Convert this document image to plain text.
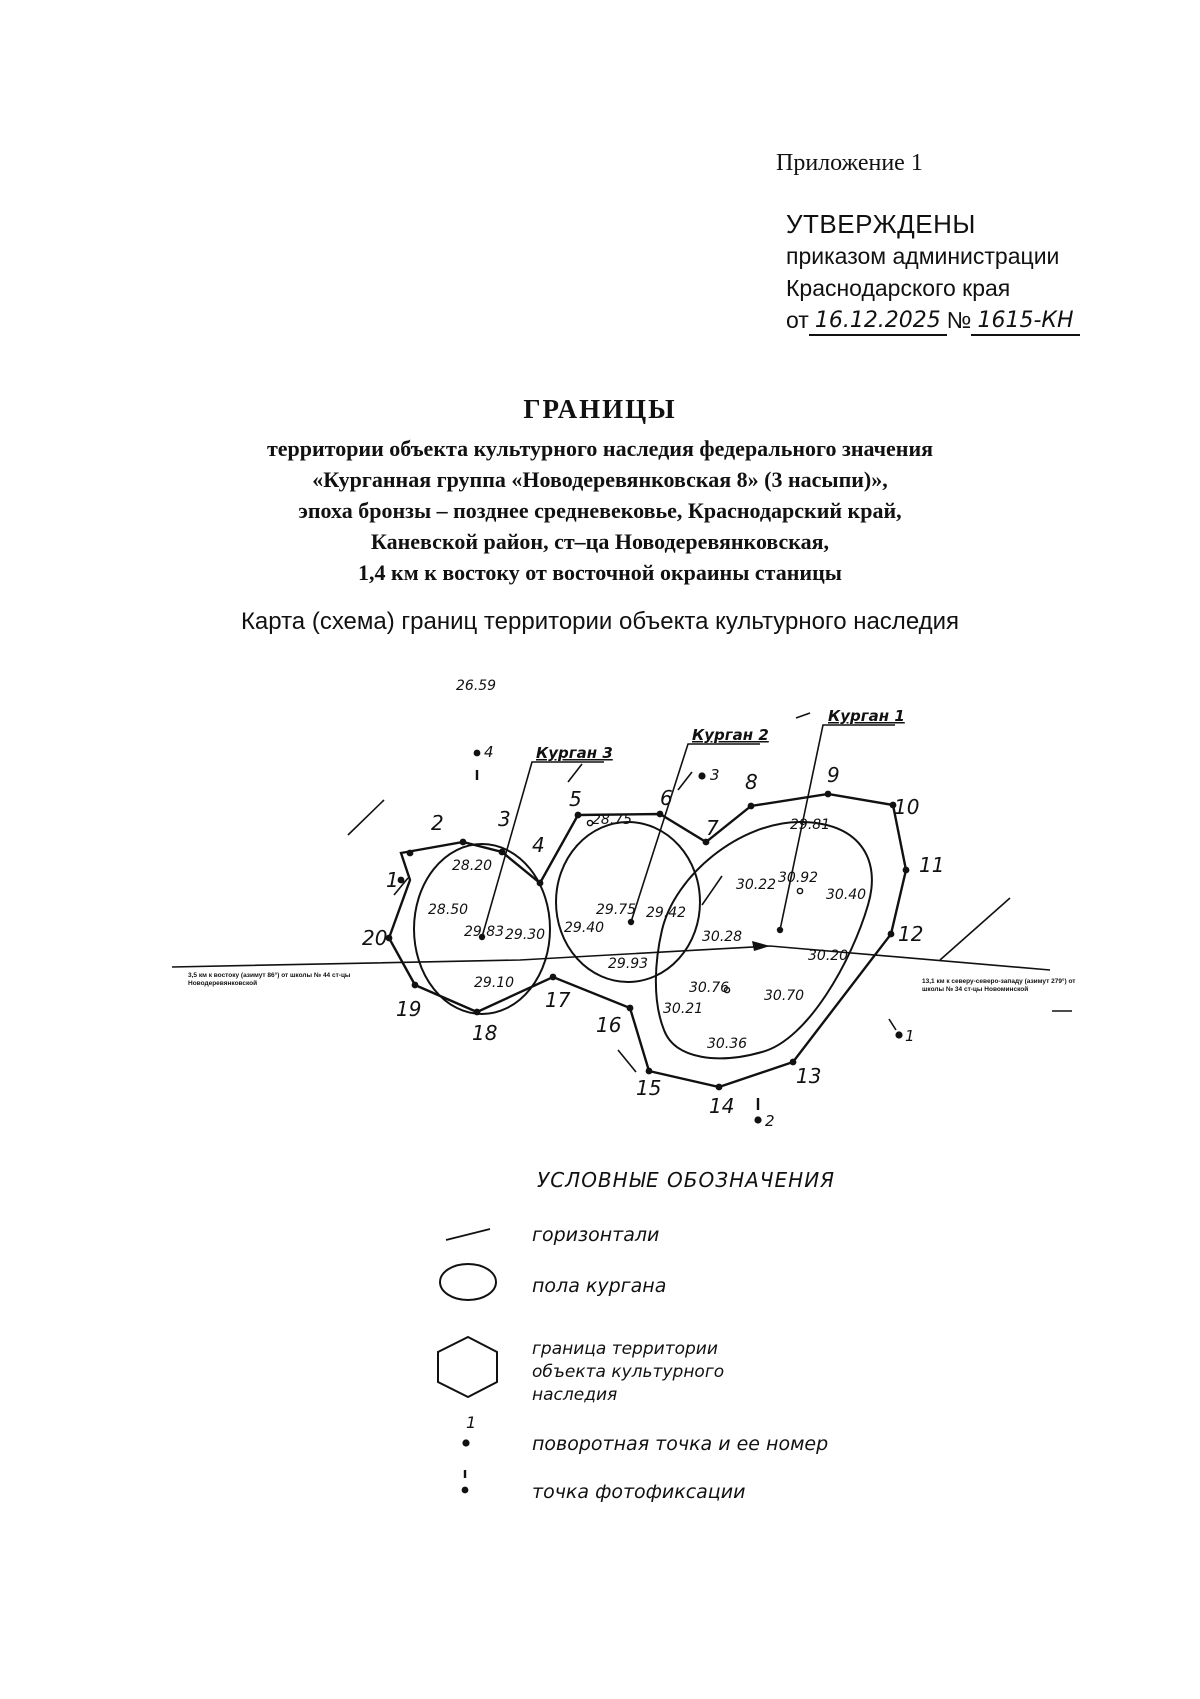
Приложение 1
УТВЕРЖДЕНЫ
приказом администрации
Краснодарского края
от 16.12.2025 № 1615-КН
ГРАНИЦЫ
территории объекта культурного наследия федерального значения
«Курганная группа «Новодеревянковская 8» (3 насыпи)»,
эпоха бронзы – позднее средневековье, Краснодарский край,
Каневской район, ст–ца Новодеревянковская,
1,4 км к востоку от восточной окраины станицы
Карта (схема) границ территории объекта культурного наследия
1
2	3
4
5	6
7
8	9
10
11
12
13
14
15
16
17
18
19
20
Курган 3
Курган 2
Курган 1
26.59
28.20
28.50
29.83 29.30
29.10
28.75
29.40
29.75 29.42
29.93
30.22 30.92
30.40
29.81
30.28
30.20
30.76
30.21
30.70
30.36	1
2
3
4
3,5 км к востоку (азимут 86°) от школы № 44 ст-цы Новодеревянковской	13,1 км к северу-северо-западу (азимут 279°) от школы № 34 ст-цы Новоминской
1
УСЛОВНЫЕ ОБОЗНАЧЕНИЯ
горизонтали
пола кургана
граница территории
объекта культурного
наследия
поворотная точка и ее номер
точка фотофиксации
